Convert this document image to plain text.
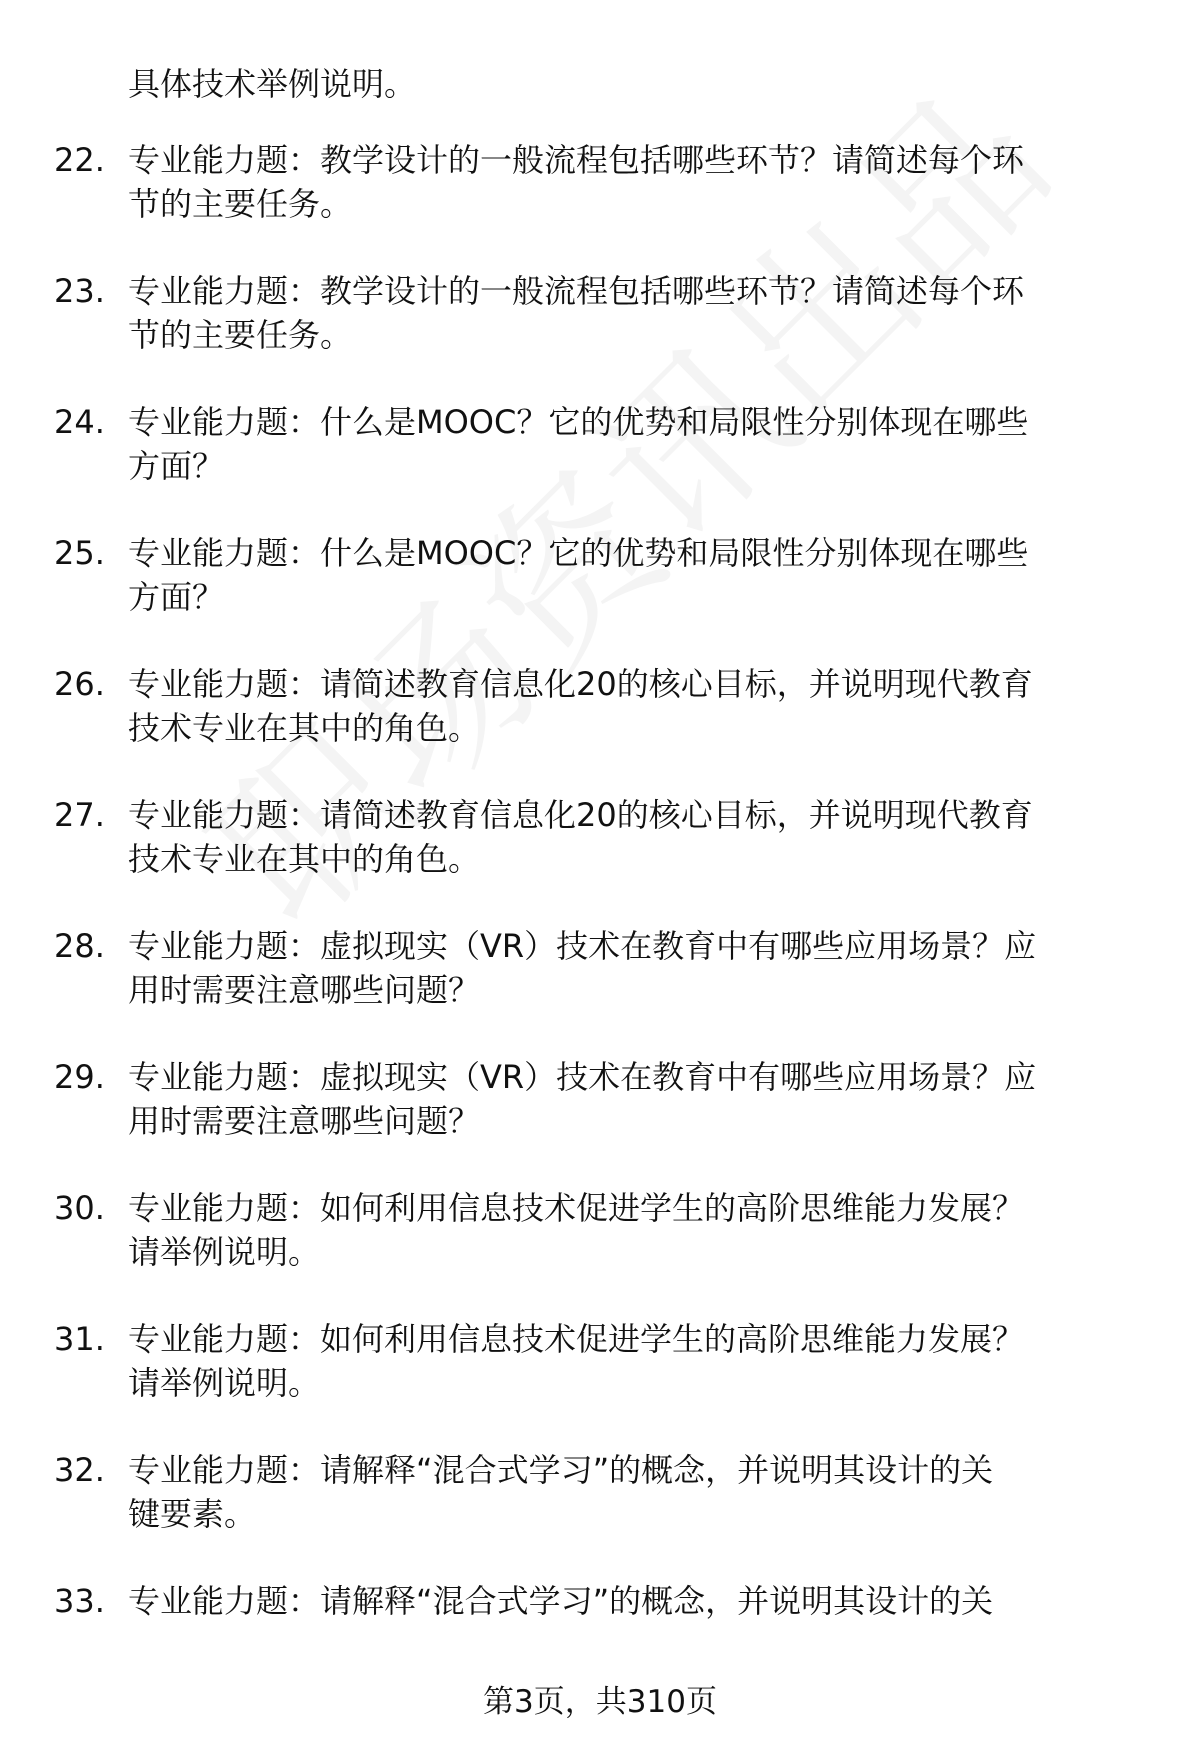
具体技术举例说明。
22. 专业能力题：教学设计的一般流程包括哪些环节？请简述每个环
节的主要任务。
23. 专业能力题：教学设计的一般流程包括哪些环节？请简述每个环
节的主要任务。
24. 专业能力题：什么是MOOC？它的优势和局限性分别体现在哪些
方面？
25. 专业能力题：什么是MOOC？它的优势和局限性分别体现在哪些
方面？
26. 专业能力题：请简述教育信息化20的核心目标，并说明现代教育
技术专业在其中的角色。
27. 专业能力题：请简述教育信息化20的核心目标，并说明现代教育
技术专业在其中的角色。
28. 专业能力题：虚拟现实（VR）技术在教育中有哪些应用场景？应
用时需要注意哪些问题？
29. 专业能力题：虚拟现实（VR）技术在教育中有哪些应用场景？应
用时需要注意哪些问题？
30. 专业能力题：如何利用信息技术促进学生的高阶思维能力发展？
请举例说明。
31. 专业能力题：如何利用信息技术促进学生的高阶思维能力发展？
请举例说明。
32. 专业能力题：请解释“混合式学习”的概念，并说明其设计的关
键要素。
33. 专业能力题：请解释“混合式学习”的概念，并说明其设计的关
第3页，共310页
